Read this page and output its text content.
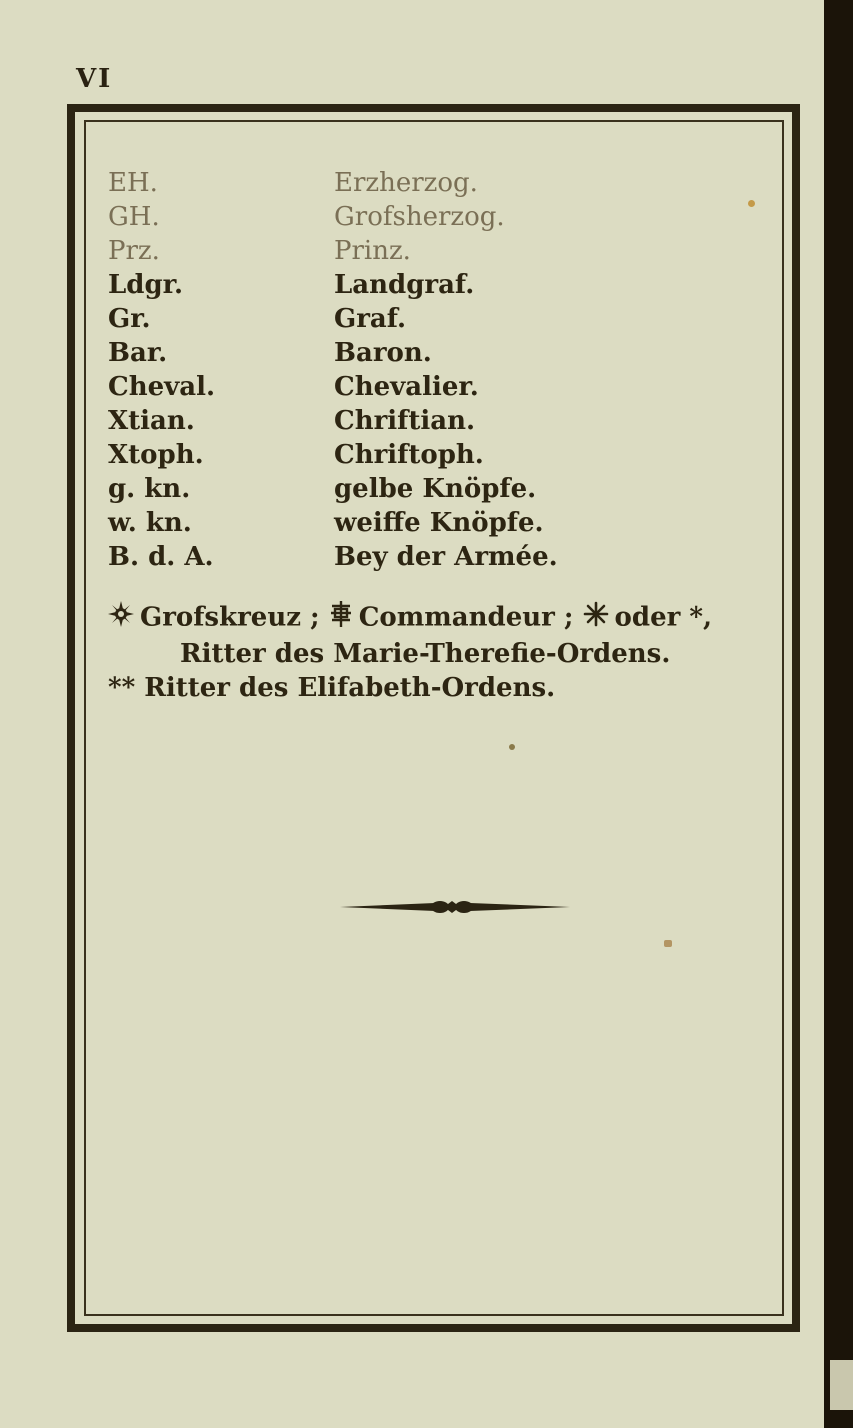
VI
EH.	Erzherzog.
GH.	Grofsherzog.
Prz.	Prinz.
Ldgr.	Landgraf.
Gr.	Graf.
Bar.	Baron.
Cheval.	Chevalier.
Xtian.	Chriftian.
Xtoph.	Chriftoph.
g. kn.	gelbe Knöpfe.
w. kn.	weiffe Knöpfe.
B. d. A.	Bey der Armée.
Grofskreuz ; Commandeur ; oder *,
Ritter des Marie-Therefie-Ordens.
** Ritter des Elifabeth-Ordens.
